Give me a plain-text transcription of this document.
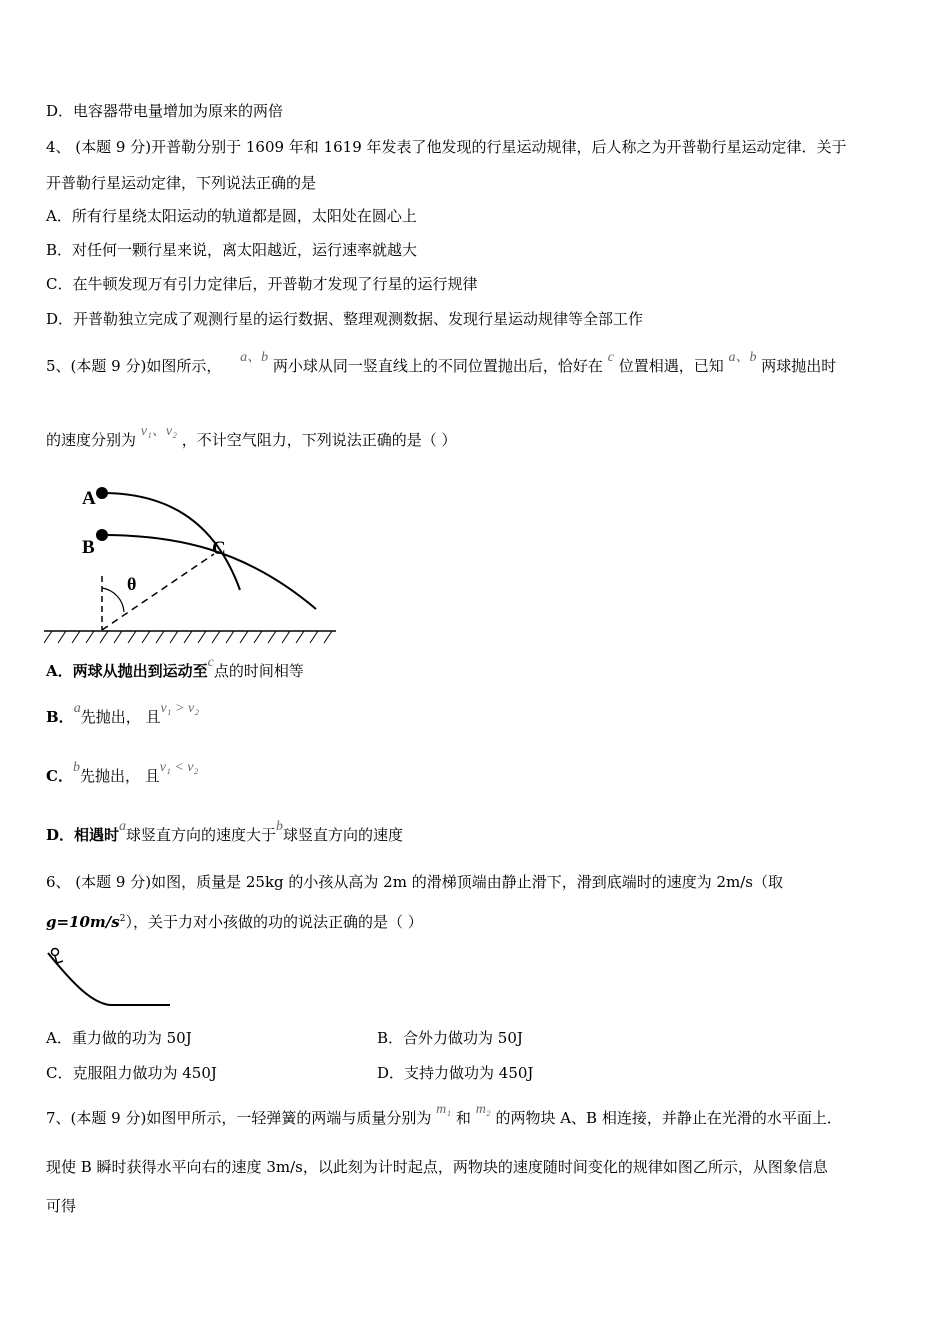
D．电容器带电量增加为原来的两倍
4、 (本题 9 分)开普勒分别于 1609 年和 1619 年发表了他发现的行星运动规律，后人称之为开普勒行星运动定律．关于
开普勒行星运动定律，下列说法正确的是
A．所有行星绕太阳运动的轨道都是圆，太阳处在圆心上
B．对任何一颗行星来说，离太阳越近，运行速率就越大
C．在牛顿发现万有引力定律后，开普勒才发现了行星的运行规律
D．开普勒独立完成了观测行星的运行数据、整理观测数据、发现行星运动规律等全部工作
5、(本题 9 分)如图所示， a、b 两小球从同一竖直线上的不同位置抛出后，恰好在 c 位置相遇，已知 a、b 两球抛出时
的速度分别为 v₁、v₂ ，不计空气阻力，下列说法正确的是（ ）
A
B	C
θ
A．两球从抛出到运动至c点的时间相等
B．a先抛出， 且v₁ > v₂
C．b先抛出， 且v₁ < v₂
D．相遇时a球竖直方向的速度大于b球竖直方向的速度
6、 (本题 9 分)如图，质量是 25kg 的小孩从高为 2m 的滑梯顶端由静止滑下，滑到底端时的速度为 2m/s（取
$g=10m/s^2$），关于力对小孩做的功的说法正确的是（ ）
A．重力做的功为 50J	B．合外力做功为 50J
C．克服阻力做功为 450J	D．支持力做功为 450J
7、(本题 9 分)如图甲所示，一轻弹簧的两端与质量分别为 m₁ 和 m₂ 的两物块 A、B 相连接，并静止在光滑的水平面上．
现使 B 瞬时获得水平向右的速度 3m/s，以此刻为计时起点，两物块的速度随时间变化的规律如图乙所示，从图象信息
可得
